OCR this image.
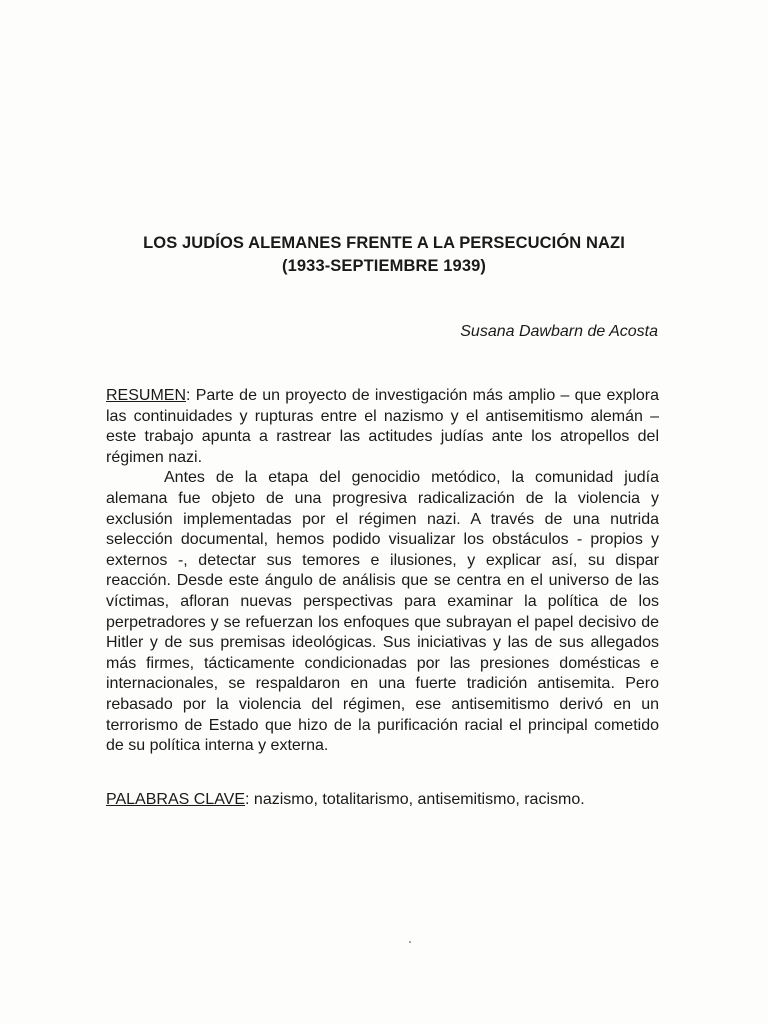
LOS JUDÍOS ALEMANES FRENTE A LA PERSECUCIÓN NAZI
(1933-SEPTIEMBRE 1939)
Susana Dawbarn de Acosta

RESUMEN: Parte de un proyecto de investigación más amplio – que explora las continuidades y rupturas entre el nazismo y el antisemitismo alemán – este trabajo apunta a rastrear las actitudes judías ante los atropellos del régimen nazi.

Antes de la etapa del genocidio metódico, la comunidad judía alemana fue objeto de una progresiva radicalización de la violencia y exclusión implementadas por el régimen nazi. A través de una nutrida selección documental, hemos podido visualizar los obstáculos - propios y externos -, detectar sus temores e ilusiones, y explicar así, su dispar reacción. Desde este ángulo de análisis que se centra en el universo de las víctimas, afloran nuevas perspectivas para examinar la política de los perpetradores y se refuerzan los enfoques que subrayan el papel decisivo de Hitler y de sus premisas ideológicas. Sus iniciativas y las de sus allegados más firmes, tácticamente condicionadas por las presiones domésticas e internacionales, se respaldaron en una fuerte tradición antisemita. Pero rebasado por la violencia del régimen, ese antisemitismo derivó en un terrorismo de Estado que hizo de la purificación racial el principal cometido de su política interna y externa.

PALABRAS CLAVE: nazismo, totalitarismo, antisemitismo, racismo.
